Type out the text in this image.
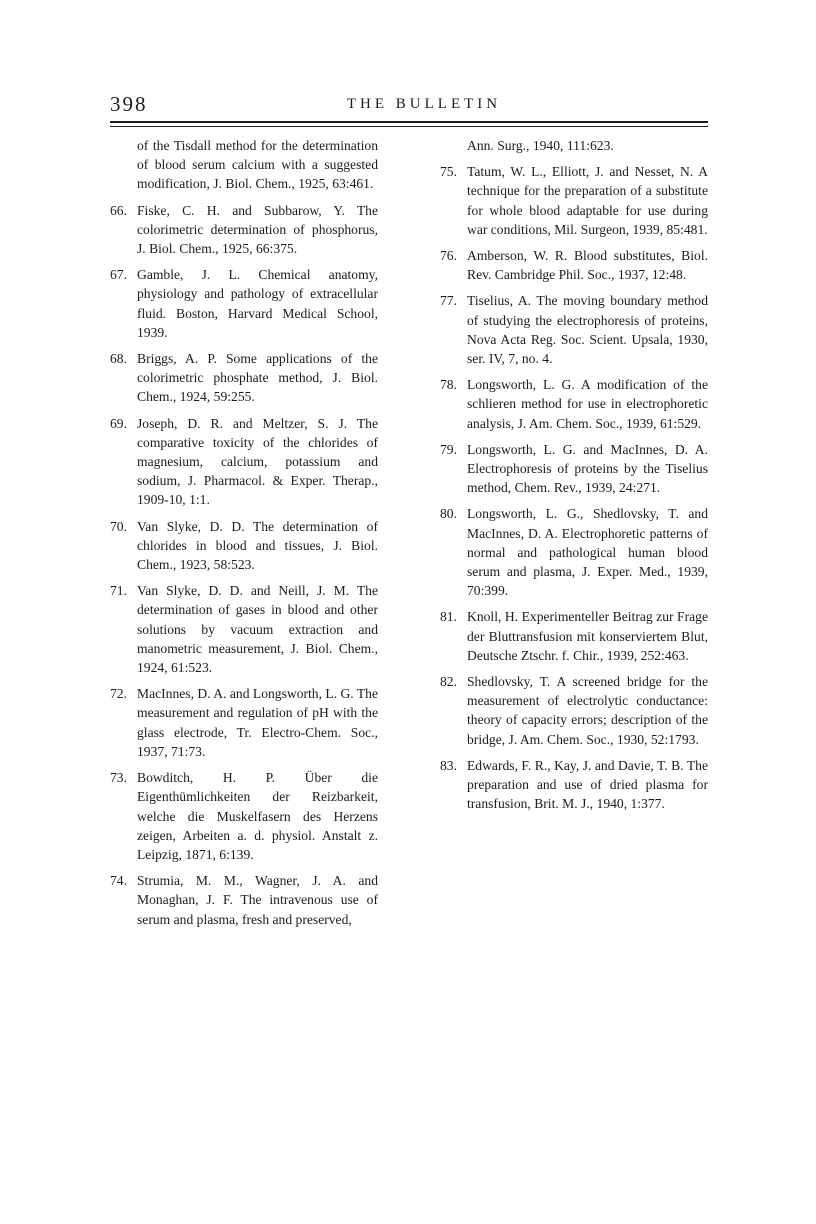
398	THE BULLETIN
of the Tisdall method for the determination of blood serum calcium with a suggested modification, J. Biol. Chem., 1925, 63:461.
66. Fiske, C. H. and Subbarow, Y. The colorimetric determination of phosphorus, J. Biol. Chem., 1925, 66:375.
67. Gamble, J. L. Chemical anatomy, physiology and pathology of extracellular fluid. Boston, Harvard Medical School, 1939.
68. Briggs, A. P. Some applications of the colorimetric phosphate method, J. Biol. Chem., 1924, 59:255.
69. Joseph, D. R. and Meltzer, S. J. The comparative toxicity of the chlorides of magnesium, calcium, potassium and sodium, J. Pharmacol. & Exper. Therap., 1909-10, 1:1.
70. Van Slyke, D. D. The determination of chlorides in blood and tissues, J. Biol. Chem., 1923, 58:523.
71. Van Slyke, D. D. and Neill, J. M. The determination of gases in blood and other solutions by vacuum extraction and manometric measurement, J. Biol. Chem., 1924, 61:523.
72. MacInnes, D. A. and Longsworth, L. G. The measurement and regulation of pH with the glass electrode, Tr. Electro-Chem. Soc., 1937, 71:73.
73. Bowditch, H. P. Über die Eigenthümlichkeiten der Reizbarkeit, welche die Muskelfasern des Herzens zeigen, Arbeiten a. d. physiol. Anstalt z. Leipzig, 1871, 6:139.
74. Strumia, M. M., Wagner, J. A. and Monaghan, J. F. The intravenous use of serum and plasma, fresh and preserved,
Ann. Surg., 1940, 111:623.
75. Tatum, W. L., Elliott, J. and Nesset, N. A technique for the preparation of a substitute for whole blood adaptable for use during war conditions, Mil. Surgeon, 1939, 85:481.
76. Amberson, W. R. Blood substitutes, Biol. Rev. Cambridge Phil. Soc., 1937, 12:48.
77. Tiselius, A. The moving boundary method of studying the electrophoresis of proteins, Nova Acta Reg. Soc. Scient. Upsala, 1930, ser. IV, 7, no. 4.
78. Longsworth, L. G. A modification of the schlieren method for use in electrophoretic analysis, J. Am. Chem. Soc., 1939, 61:529.
79. Longsworth, L. G. and MacInnes, D. A. Electrophoresis of proteins by the Tiselius method, Chem. Rev., 1939, 24:271.
80. Longsworth, L. G., Shedlovsky, T. and MacInnes, D. A. Electrophoretic patterns of normal and pathological human blood serum and plasma, J. Exper. Med., 1939, 70:399.
81. Knoll, H. Experimenteller Beitrag zur Frage der Bluttransfusion mit konserviertem Blut, Deutsche Ztschr. f. Chir., 1939, 252:463.
82. Shedlovsky, T. A screened bridge for the measurement of electrolytic conductance: theory of capacity errors; description of the bridge, J. Am. Chem. Soc., 1930, 52:1793.
83. Edwards, F. R., Kay, J. and Davie, T. B. The preparation and use of dried plasma for transfusion, Brit. M. J., 1940, 1:377.
